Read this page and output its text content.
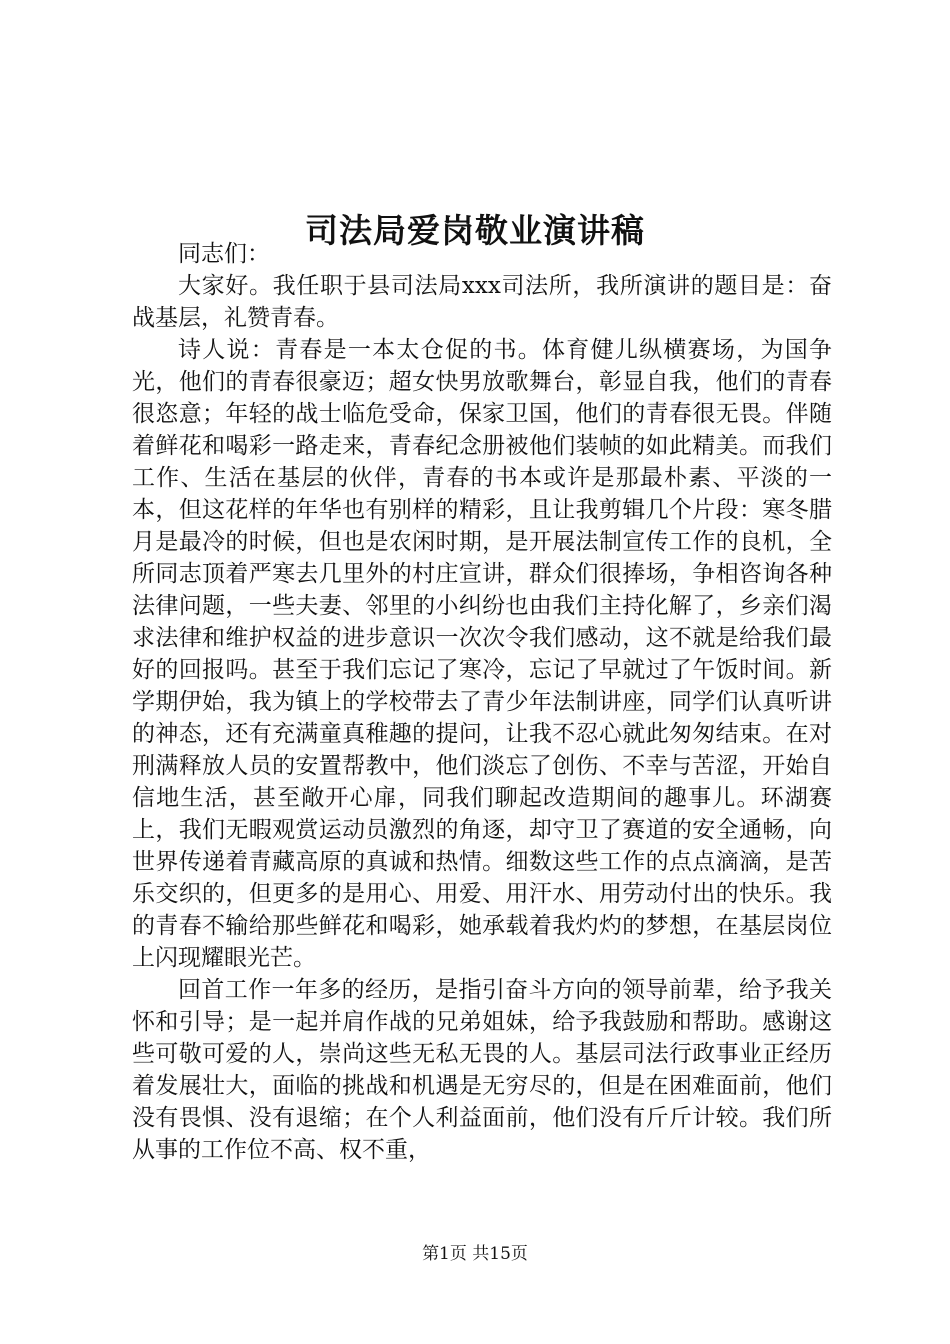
司法局爱岗敬业演讲稿

同志们：

大家好。我任职于县司法局xxx司法所，我所演讲的题目是：奋战基层，礼赞青春。

诗人说：青春是一本太仓促的书。体育健儿纵横赛场，为国争光，他们的青春很豪迈；超女快男放歌舞台，彰显自我，他们的青春很恣意；年轻的战士临危受命，保家卫国，他们的青春很无畏。伴随着鲜花和喝彩一路走来，青春纪念册被他们装帧的如此精美。而我们工作、生活在基层的伙伴，青春的书本或许是那最朴素、平淡的一本，但这花样的年华也有别样的精彩，且让我剪辑几个片段：寒冬腊月是最冷的时候，但也是农闲时期，是开展法制宣传工作的良机，全所同志顶着严寒去几里外的村庄宣讲，群众们很捧场，争相咨询各种法律问题，一些夫妻、邻里的小纠纷也由我们主持化解了，乡亲们渴求法律和维护权益的进步意识一次次令我们感动，这不就是给我们最好的回报吗。甚至于我们忘记了寒冷，忘记了早就过了午饭时间。新学期伊始，我为镇上的学校带去了青少年法制讲座，同学们认真听讲的神态，还有充满童真稚趣的提问，让我不忍心就此匆匆结束。在对刑满释放人员的安置帮教中，他们淡忘了创伤、不幸与苦涩，开始自信地生活，甚至敞开心扉，同我们聊起改造期间的趣事儿。环湖赛上，我们无暇观赏运动员激烈的角逐，却守卫了赛道的安全通畅，向世界传递着青藏高原的真诚和热情。细数这些工作的点点滴滴，是苦乐交织的，但更多的是用心、用爱、用汗水、用劳动付出的快乐。我的青春不输给那些鲜花和喝彩，她承载着我灼灼的梦想，在基层岗位上闪现耀眼光芒。

回首工作一年多的经历，是指引奋斗方向的领导前辈，给予我关怀和引导；是一起并肩作战的兄弟姐妹，给予我鼓励和帮助。感谢这些可敬可爱的人，崇尚这些无私无畏的人。基层司法行政事业正经历着发展壮大，面临的挑战和机遇是无穷尽的，但是在困难面前，他们没有畏惧、没有退缩；在个人利益面前，他们没有斤斤计较。我们所从事的工作位不高、权不重，

第1页 共15页
